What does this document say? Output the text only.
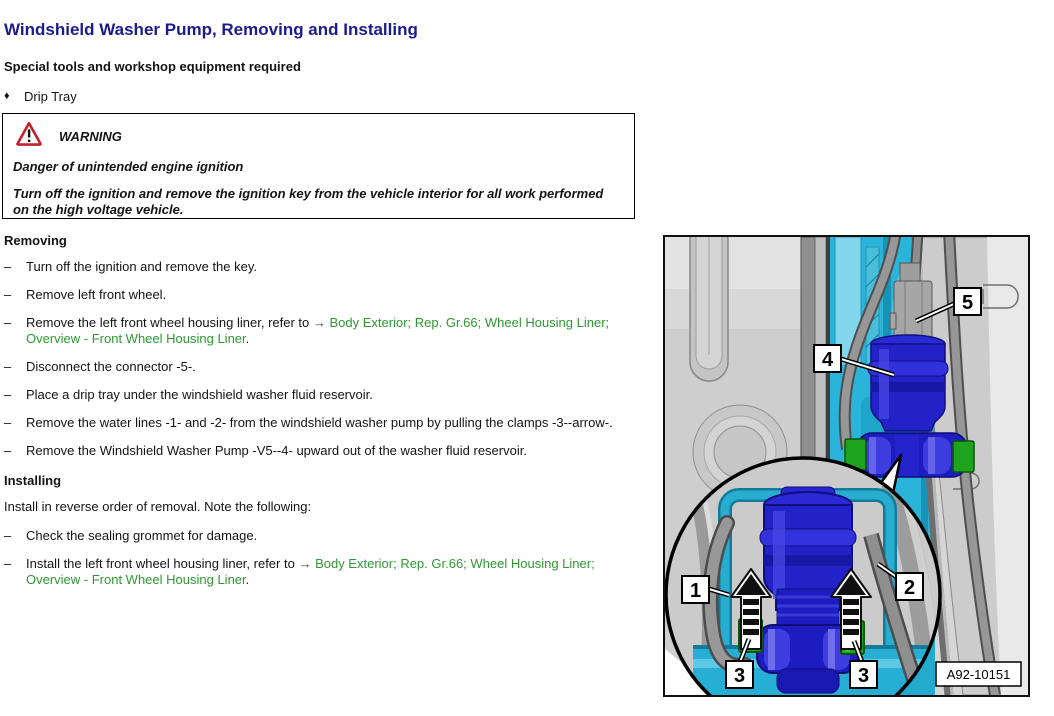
Windshield Washer Pump, Removing and Installing
Special tools and workshop equipment required
♦	Drip Tray
WARNING
Danger of unintended engine ignition
Turn off the ignition and remove the ignition key from the vehicle interior for all work performed on the high voltage vehicle.
Removing
–	Turn off the ignition and remove the key.
–	Remove left front wheel.
–	Remove the left front wheel housing liner, refer to → Body Exterior; Rep. Gr.66; Wheel Housing Liner; Overview - Front Wheel Housing Liner.
–	Disconnect the connector -5-.
–	Place a drip tray under the windshield washer fluid reservoir.
–	Remove the water lines -1- and -2- from the windshield washer pump by pulling the clamps -3--arrow-.
–	Remove the Windshield Washer Pump -V5--4- upward out of the washer fluid reservoir.
Installing
Install in reverse order of removal. Note the following:
–	Check the sealing grommet for damage.
–	Install the left front wheel housing liner, refer to → Body Exterior; Rep. Gr.66; Wheel Housing Liner; Overview - Front Wheel Housing Liner.
5
4
1	2
3	3	A92-10151
